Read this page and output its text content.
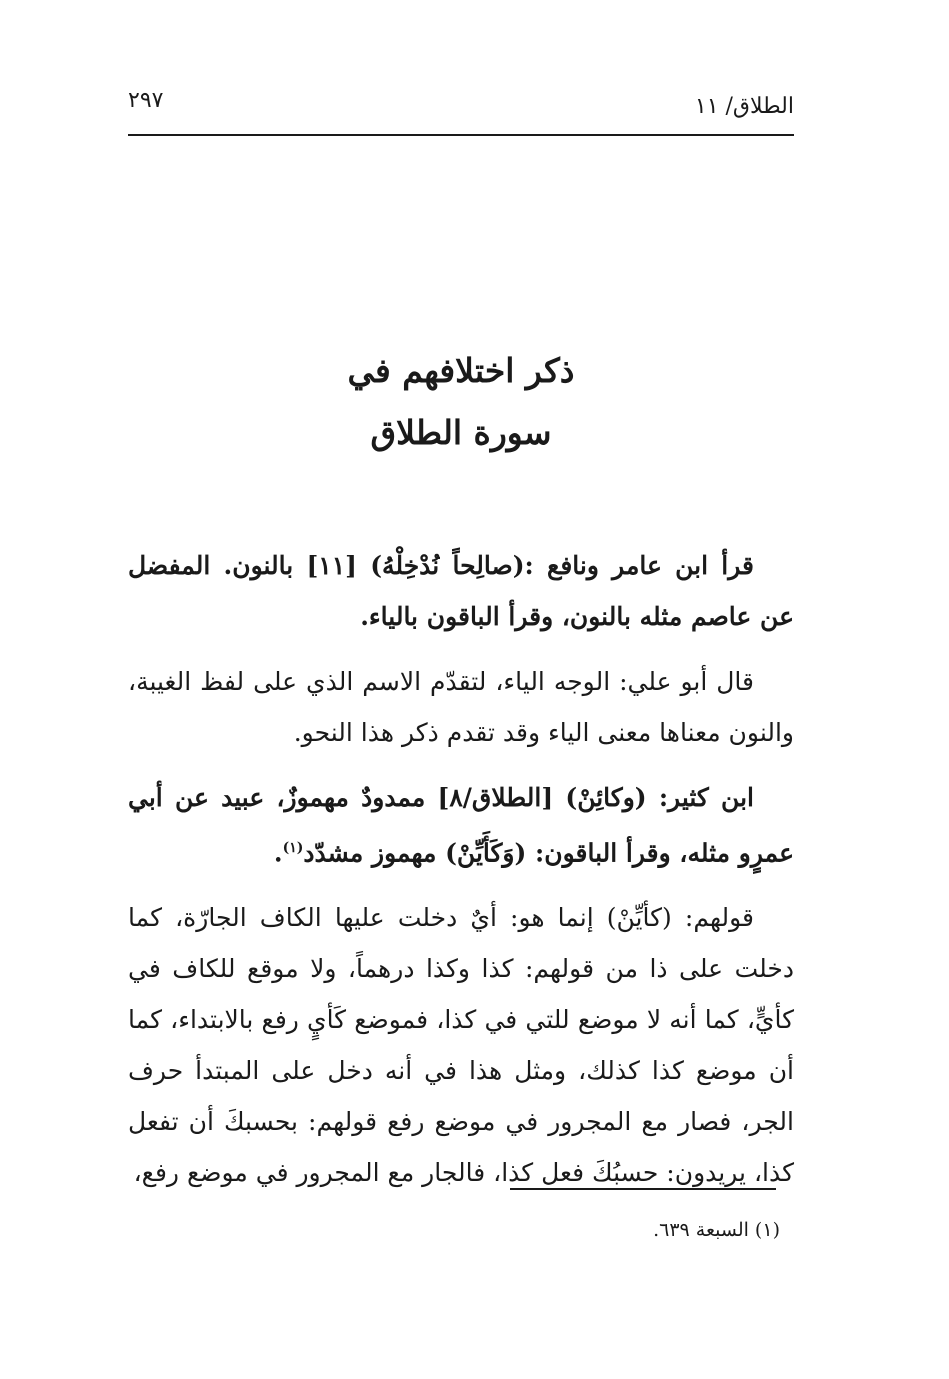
الطلاق/ ١١
٢٩٧
ذكر اختلافهم في
سورة الطلاق

قرأ ابن عامر ونافع :(صالِحاً نُدْخِلْهُ) [١١] بالنون. المفضل عن عاصم مثله بالنون، وقرأ الباقون بالياء.

قال أبو علي: الوجه الياء، لتقدّم الاسم الذي على لفظ الغيبة، والنون معناها معنى الياء وقد تقدم ذكر هذا النحو.

ابن كثير: (وكائِنْ) [الطلاق/٨] ممدودٌ مهموزٌ، عبيد عن أبي عمرٍو مثله، وقرأ الباقون: (وَكَأَيِّنْ) مهموز مشدّد$^{(١)}$.

قولهم: (كأيِّنْ) إنما هو: أيٌ دخلت عليها الكاف الجارّة، كما دخلت على ذا من قولهم: كذا وكذا درهماً، ولا موقع للكاف في كأيٍّ، كما أنه لا موضع للتي في كذا، فموضع كَأيٍ رفع بالابتداء، كما أن موضع كذا كذلك، ومثل هذا في أنه دخل على المبتدأ حرف الجر، فصار مع المجرور في موضع رفع قولهم: بحسبكَ أن تفعل كذا، يريدون: حسبُكَ فعل كذا، فالجار مع المجرور في موضع رفع،

(١) السبعة ٦٣٩.
